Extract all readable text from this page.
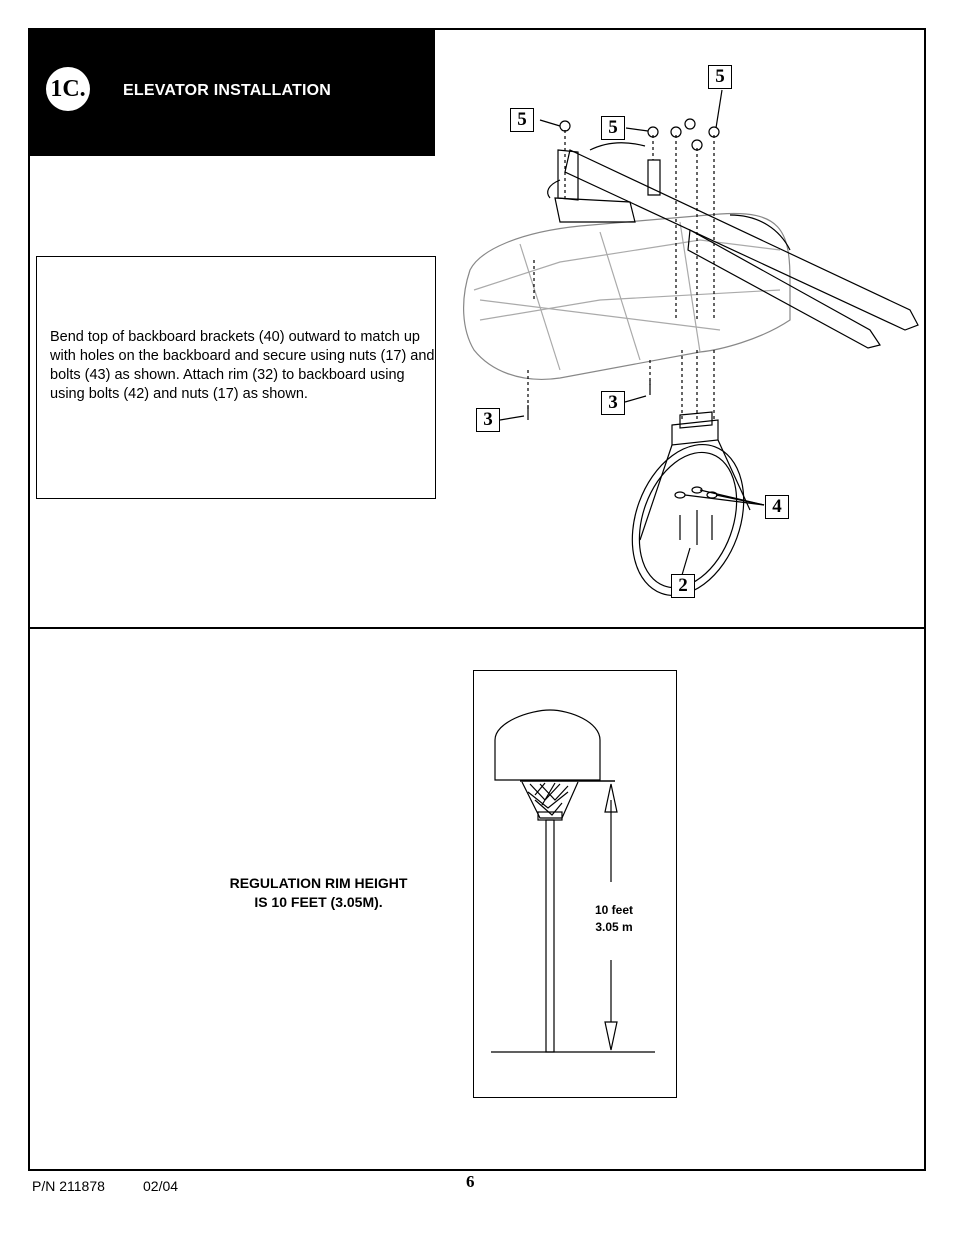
1C. ELEVATOR INSTALLATION
Bend top of backboard brackets (40) outward to match up with holes on the backboard and secure using nuts (17) and bolts (43) as shown. Attach rim (32) to backboard using using bolts (42) and nuts (17) as shown.
5
5	5
3
3
4
2
REGULATION RIM HEIGHT
IS 10 FEET (3.05M).	10 feet
3.05 m
P/N 211878	02/04	6
